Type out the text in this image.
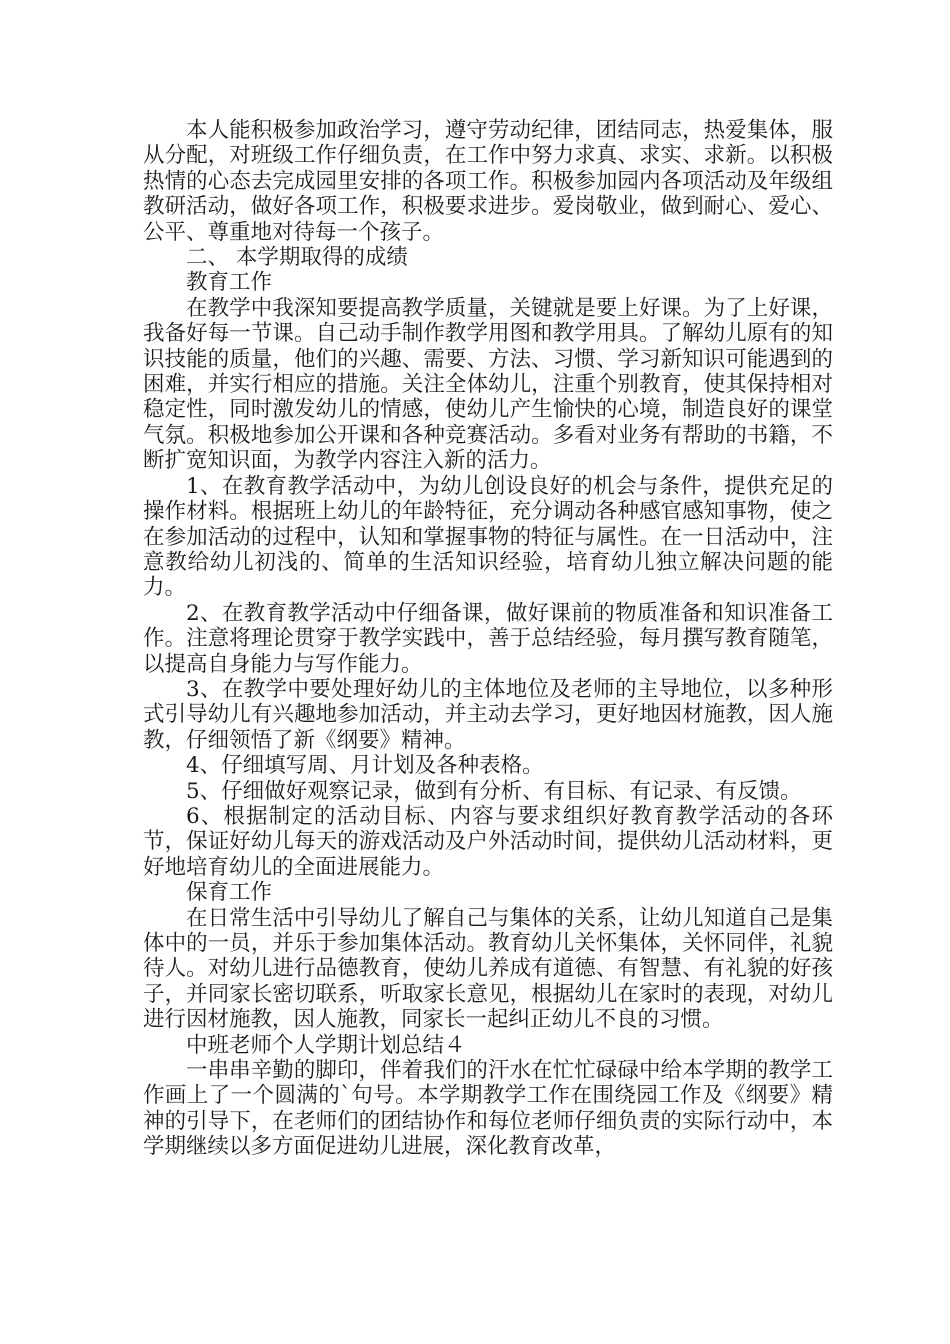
本人能积极参加政治学习，遵守劳动纪律，团结同志，热爱集体，服从分配，对班级工作仔细负责，在工作中努力求真、求实、求新。以积极热情的心态去完成园里安排的各项工作。积极参加园内各项活动及年级组教研活动，做好各项工作，积极要求进步。爱岗敬业，做到耐心、爱心、公平、尊重地对待每一个孩子。

二、 本学期取得的成绩

教育工作

在教学中我深知要提高教学质量，关键就是要上好课。为了上好课，我备好每一节课。自己动手制作教学用图和教学用具。了解幼儿原有的知识技能的质量，他们的兴趣、需要、方法、习惯、学习新知识可能遇到的困难，并实行相应的措施。关注全体幼儿，注重个别教育，使其保持相对稳定性，同时激发幼儿的情感，使幼儿产生愉快的心境，制造良好的课堂气氛。积极地参加公开课和各种竞赛活动。多看对业务有帮助的书籍，不断扩宽知识面，为教学内容注入新的活力。

1、在教育教学活动中，为幼儿创设良好的机会与条件，提供充足的操作材料。根据班上幼儿的年龄特征，充分调动各种感官感知事物，使之在参加活动的过程中，认知和掌握事物的特征与属性。在一日活动中，注意教给幼儿初浅的、简单的生活知识经验，培育幼儿独立解决问题的能力。

2、在教育教学活动中仔细备课，做好课前的物质准备和知识准备工作。注意将理论贯穿于教学实践中，善于总结经验，每月撰写教育随笔，以提高自身能力与写作能力。

3、在教学中要处理好幼儿的主体地位及老师的主导地位，以多种形式引导幼儿有兴趣地参加活动，并主动去学习，更好地因材施教，因人施教，仔细领悟了新《纲要》精神。

4、仔细填写周、月计划及各种表格。

5、仔细做好观察记录，做到有分析、有目标、有记录、有反馈。

6、根据制定的活动目标、内容与要求组织好教育教学活动的各环节，保证好幼儿每天的游戏活动及户外活动时间，提供幼儿活动材料，更好地培育幼儿的全面进展能力。

保育工作

在日常生活中引导幼儿了解自己与集体的关系，让幼儿知道自己是集体中的一员，并乐于参加集体活动。教育幼儿关怀集体，关怀同伴，礼貌待人。对幼儿进行品德教育，使幼儿养成有道德、有智慧、有礼貌的好孩子，并同家长密切联系，听取家长意见，根据幼儿在家时的表现，对幼儿进行因材施教，因人施教，同家长一起纠正幼儿不良的习惯。

中班老师个人学期计划总结４

一串串辛勤的脚印，伴着我们的汗水在忙忙碌碌中给本学期的教学工作画上了一个圆满的`句号。本学期教学工作在围绕园工作及《纲要》精神的引导下，在老师们的团结协作和每位老师仔细负责的实际行动中，本学期继续以多方面促进幼儿进展，深化教育改革，
